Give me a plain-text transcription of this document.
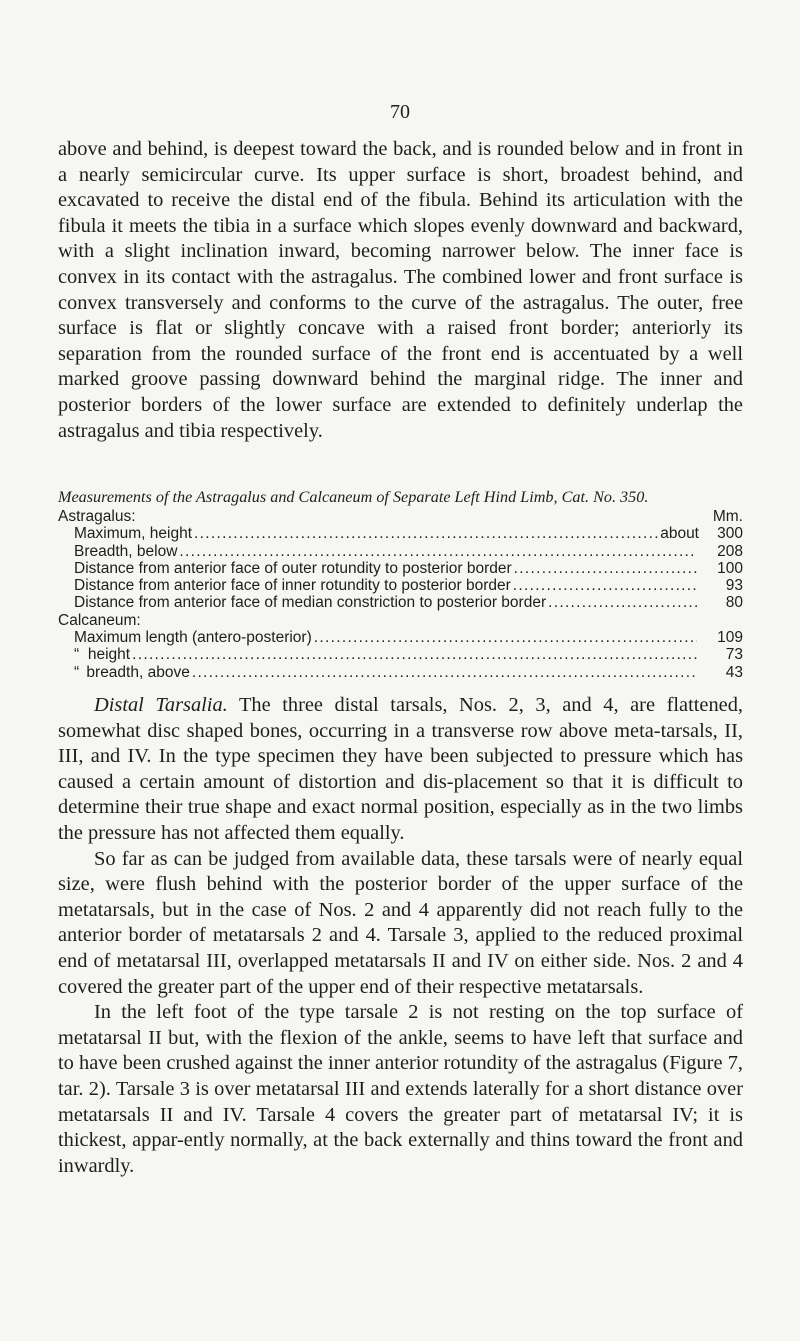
70

above and behind, is deepest toward the back, and is rounded below and in front in a nearly semicircular curve. Its upper surface is short, broadest behind, and excavated to receive the distal end of the fibula. Behind its articulation with the fibula it meets the tibia in a surface which slopes evenly downward and backward, with a slight inclination inward, becoming narrower below. The inner face is convex in its contact with the astragalus. The combined lower and front surface is convex transversely and conforms to the curve of the astragalus. The outer, free surface is flat or slightly concave with a raised front border; anteriorly its separation from the rounded surface of the front end is accentuated by a well marked groove passing downward behind the marginal ridge. The inner and posterior borders of the lower surface are extended to definitely underlap the astragalus and tibia respectively.

Measurements of the Astragalus and Calcaneum of Separate Left Hind Limb, Cat. No. 350.
Astragalus:	Mm.
Maximum, height . . .	about	300
Breadth, below . . .	208
Distance from anterior face of outer rotundity to posterior border . . .	100
Distance from anterior face of inner rotundity to posterior border . . .	93
Distance from anterior face of median constriction to posterior border . . .	80
Calcaneum:
Maximum length (antero-posterior) . . .	109
“ height . . .	73
“ breadth, above . . .	43

Distal Tarsalia. The three distal tarsals, Nos. 2, 3, and 4, are flattened, somewhat disc shaped bones, occurring in a transverse row above meta-tarsals, II, III, and IV. In the type specimen they have been subjected to pressure which has caused a certain amount of distortion and dis-placement so that it is difficult to determine their true shape and exact normal position, especially as in the two limbs the pressure has not affected them equally.

So far as can be judged from available data, these tarsals were of nearly equal size, were flush behind with the posterior border of the upper surface of the metatarsals, but in the case of Nos. 2 and 4 apparently did not reach fully to the anterior border of metatarsals 2 and 4. Tarsale 3, applied to the reduced proximal end of metatarsal III, overlapped metatarsals II and IV on either side. Nos. 2 and 4 covered the greater part of the upper end of their respective metatarsals.

In the left foot of the type tarsale 2 is not resting on the top surface of metatarsal II but, with the flexion of the ankle, seems to have left that surface and to have been crushed against the inner anterior rotundity of the astragalus (Figure 7, tar. 2). Tarsale 3 is over metatarsal III and extends laterally for a short distance over metatarsals II and IV. Tarsale 4 covers the greater part of metatarsal IV; it is thickest, appar-ently normally, at the back externally and thins toward the front and inwardly.
